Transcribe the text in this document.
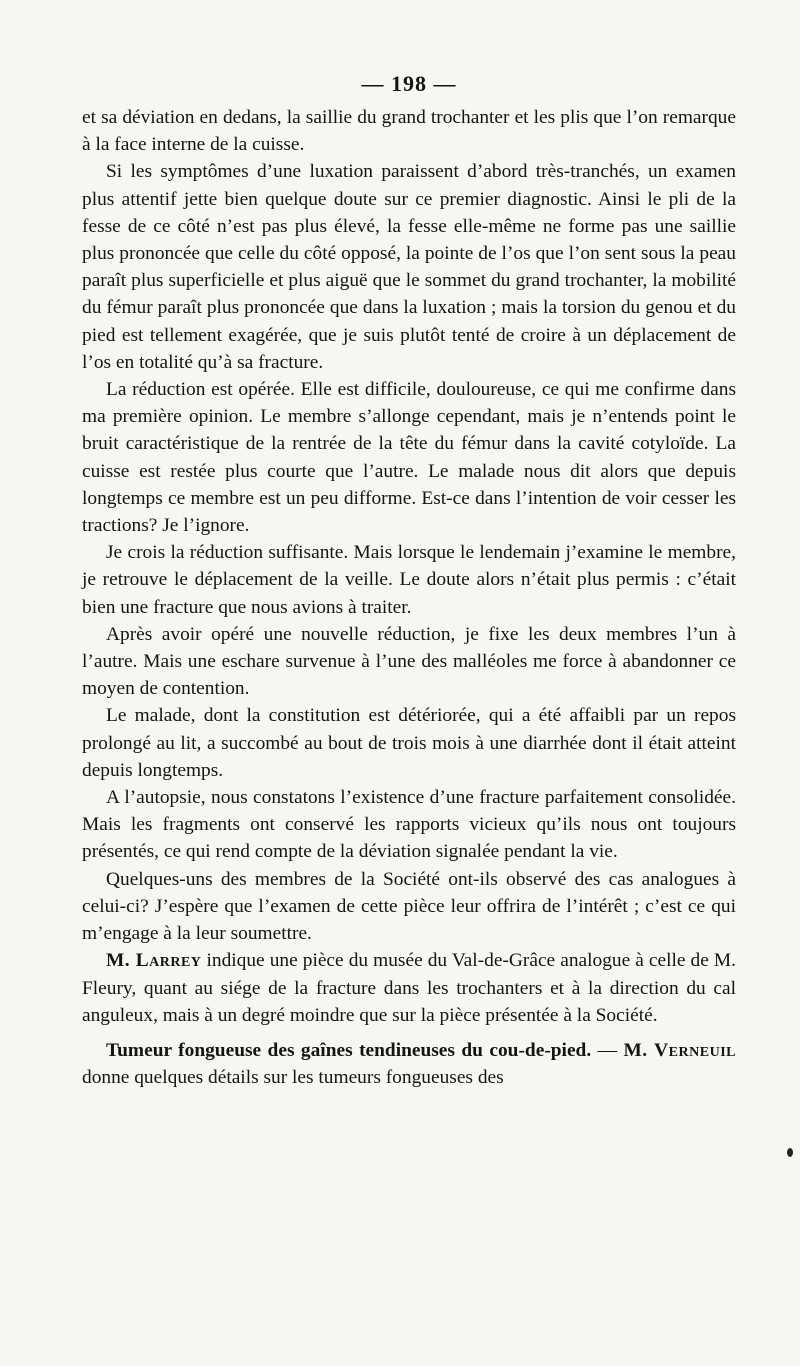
— 198 —

et sa déviation en dedans, la saillie du grand trochanter et les plis que l’on remarque à la face interne de la cuisse.

Si les symptômes d’une luxation paraissent d’abord très-tranchés, un examen plus attentif jette bien quelque doute sur ce premier diagnostic. Ainsi le pli de la fesse de ce côté n’est pas plus élevé, la fesse elle-même ne forme pas une saillie plus prononcée que celle du côté opposé, la pointe de l’os que l’on sent sous la peau paraît plus superficielle et plus aiguë que le sommet du grand trochanter, la mobilité du fémur paraît plus prononcée que dans la luxation ; mais la torsion du genou et du pied est tellement exagérée, que je suis plutôt tenté de croire à un déplacement de l’os en totalité qu’à sa fracture.

La réduction est opérée. Elle est difficile, douloureuse, ce qui me confirme dans ma première opinion. Le membre s’allonge cependant, mais je n’entends point le bruit caractéristique de la rentrée de la tête du fémur dans la cavité cotyloïde. La cuisse est restée plus courte que l’autre. Le malade nous dit alors que depuis longtemps ce membre est un peu difforme. Est-ce dans l’intention de voir cesser les tractions? Je l’ignore.

Je crois la réduction suffisante. Mais lorsque le lendemain j’examine le membre, je retrouve le déplacement de la veille. Le doute alors n’était plus permis : c’était bien une fracture que nous avions à traiter.

Après avoir opéré une nouvelle réduction, je fixe les deux membres l’un à l’autre. Mais une eschare survenue à l’une des malléoles me force à abandonner ce moyen de contention.

Le malade, dont la constitution est détériorée, qui a été affaibli par un repos prolongé au lit, a succombé au bout de trois mois à une diarrhée dont il était atteint depuis longtemps.

A l’autopsie, nous constatons l’existence d’une fracture parfaitement consolidée. Mais les fragments ont conservé les rapports vicieux qu’ils nous ont toujours présentés, ce qui rend compte de la déviation signalée pendant la vie.

Quelques-uns des membres de la Société ont-ils observé des cas analogues à celui-ci? J’espère que l’examen de cette pièce leur offrira de l’intérêt ; c’est ce qui m’engage à la leur soumettre.

M. Larrey indique une pièce du musée du Val-de-Grâce analogue à celle de M. Fleury, quant au siége de la fracture dans les trochanters et à la direction du cal anguleux, mais à un degré moindre que sur la pièce présentée à la Société.

Tumeur fongueuse des gaînes tendineuses du cou-de-pied. — M. Verneuil donne quelques détails sur les tumeurs fongueuses des
